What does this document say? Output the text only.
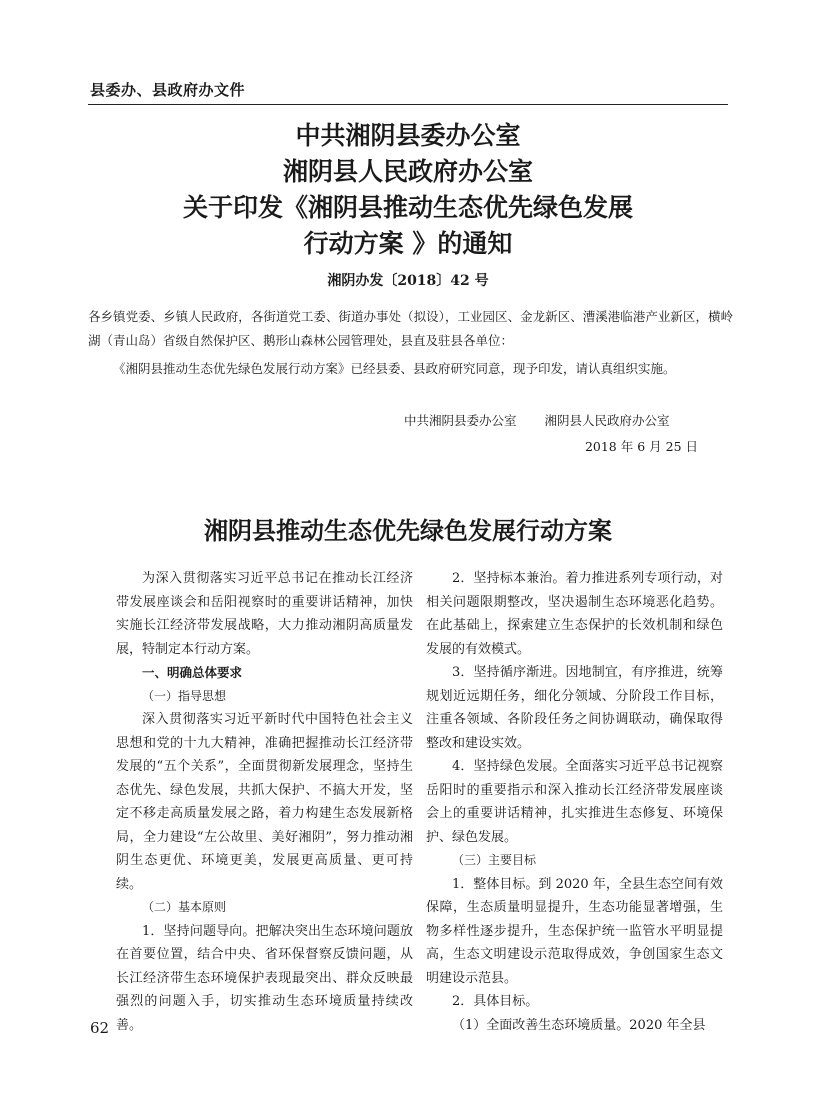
县委办、县政府办文件
中共湘阴县委办公室
湘阴县人民政府办公室
关于印发《湘阴县推动生态优先绿色发展
行动方案 》的通知
湘阴办发〔2018〕42 号
各乡镇党委、乡镇人民政府，各街道党工委、街道办事处（拟设），工业园区、金龙新区、漕溪港临港产业新区，横岭湖（青山岛）省级自然保护区、鹅形山森林公园管理处，县直及驻县各单位：
《湘阴县推动生态优先绿色发展行动方案》已经县委、县政府研究同意，现予印发，请认真组织实施。
中共湘阴县委办公室 湘阴县人民政府办公室
2018 年 6 月 25 日
湘阴县推动生态优先绿色发展行动方案

为深入贯彻落实习近平总书记在推动长江经济带发展座谈会和岳阳视察时的重要讲话精神，加快实施长江经济带发展战略，大力推动湘阴高质量发展，特制定本行动方案。

一、明确总体要求

（一）指导思想

深入贯彻落实习近平新时代中国特色社会主义思想和党的十九大精神，准确把握推动长江经济带发展的“五个关系”，全面贯彻新发展理念，坚持生态优先、绿色发展，共抓大保护、不搞大开发，坚定不移走高质量发展之路，着力构建生态发展新格局，全力建设“左公故里、美好湘阴”，努力推动湘阴生态更优、环境更美，发展更高质量、更可持续。

（二）基本原则

1．坚持问题导向。把解决突出生态环境问题放在首要位置，结合中央、省环保督察反馈问题，从长江经济带生态环境保护表现最突出、群众反映最强烈的问题入手，切实推动生态环境质量持续改善。

2．坚持标本兼治。着力推进系列专项行动，对相关问题限期整改，坚决遏制生态环境恶化趋势。在此基础上，探索建立生态保护的长效机制和绿色发展的有效模式。

3．坚持循序渐进。因地制宜，有序推进，统筹规划近远期任务，细化分领域、分阶段工作目标，注重各领域、各阶段任务之间协调联动，确保取得整改和建设实效。

4．坚持绿色发展。全面落实习近平总书记视察岳阳时的重要指示和深入推动长江经济带发展座谈会上的重要讲话精神，扎实推进生态修复、环境保护、绿色发展。

（三）主要目标

1．整体目标。到 2020 年，全县生态空间有效保障，生态质量明显提升，生态功能显著增强，生物多样性逐步提升，生态保护统一监管水平明显提高，生态文明建设示范取得成效，争创国家生态文明建设示范县。

2．具体目标。

（1）全面改善生态环境质量。2020 年全县

62
